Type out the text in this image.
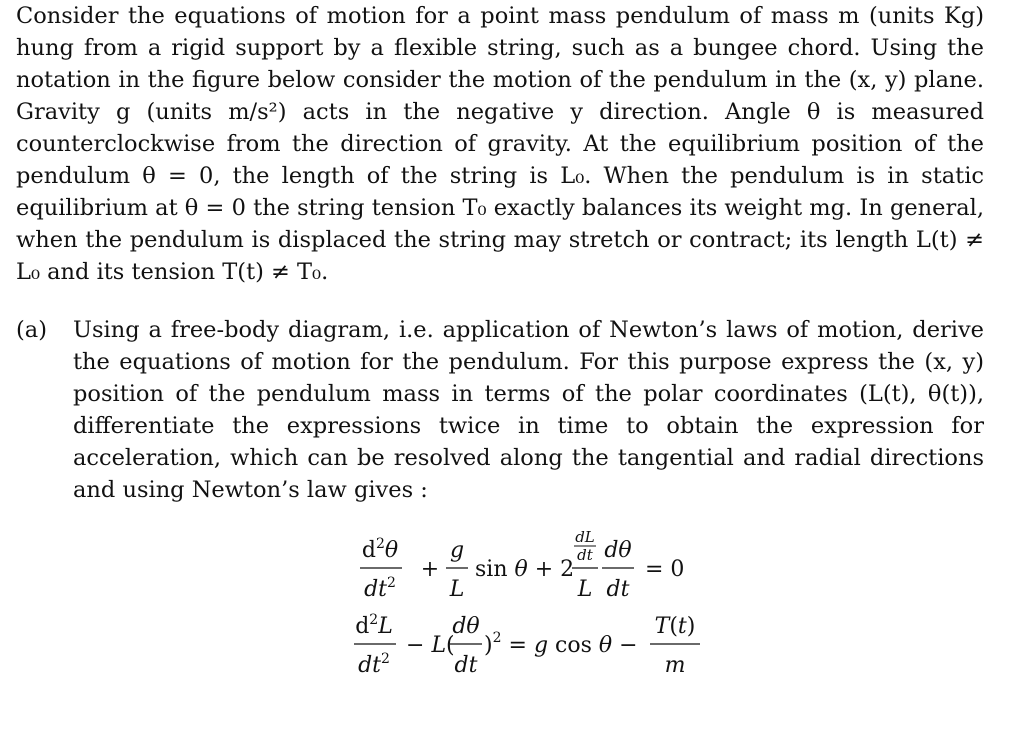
Consider the equations of motion for a point mass pendulum of mass m (units Kg) hung from a rigid support by a flexible string, such as a bungee chord. Using the notation in the figure below consider the motion of the pendulum in the (x, y) plane. Gravity g (units m/s²) acts in the negative y direction. Angle θ is measured counterclockwise from the direction of gravity. At the equilibrium position of the pendulum θ = 0, the length of the string is L₀. When the pendulum is in static equilibrium at θ = 0 the string tension T₀ exactly balances its weight mg. In general, when the pendulum is displaced the string may stretch or contract; its length L(t) ≠ L₀ and its tension T(t) ≠ T₀.

(a)	Using a free-body diagram, i.e. application of Newton’s laws of motion, derive the equations of motion for the pendulum. For this purpose express the (x, y) position of the pendulum mass in terms of the polar coordinates (L(t), θ(t)), differentiate the expressions twice in time to obtain the expression for acceleration, which can be resolved along the tangential and radial directions and using Newton’s law gives :

$d^2\theta$
$dt^2$
+
g
L
sin θ + 2
dL
dt
L
dθ
dt
= 0
$d^2L$
$dt^2$
− L(
dθ
dt
)$^2$ = g cos θ −
T(t)
m
